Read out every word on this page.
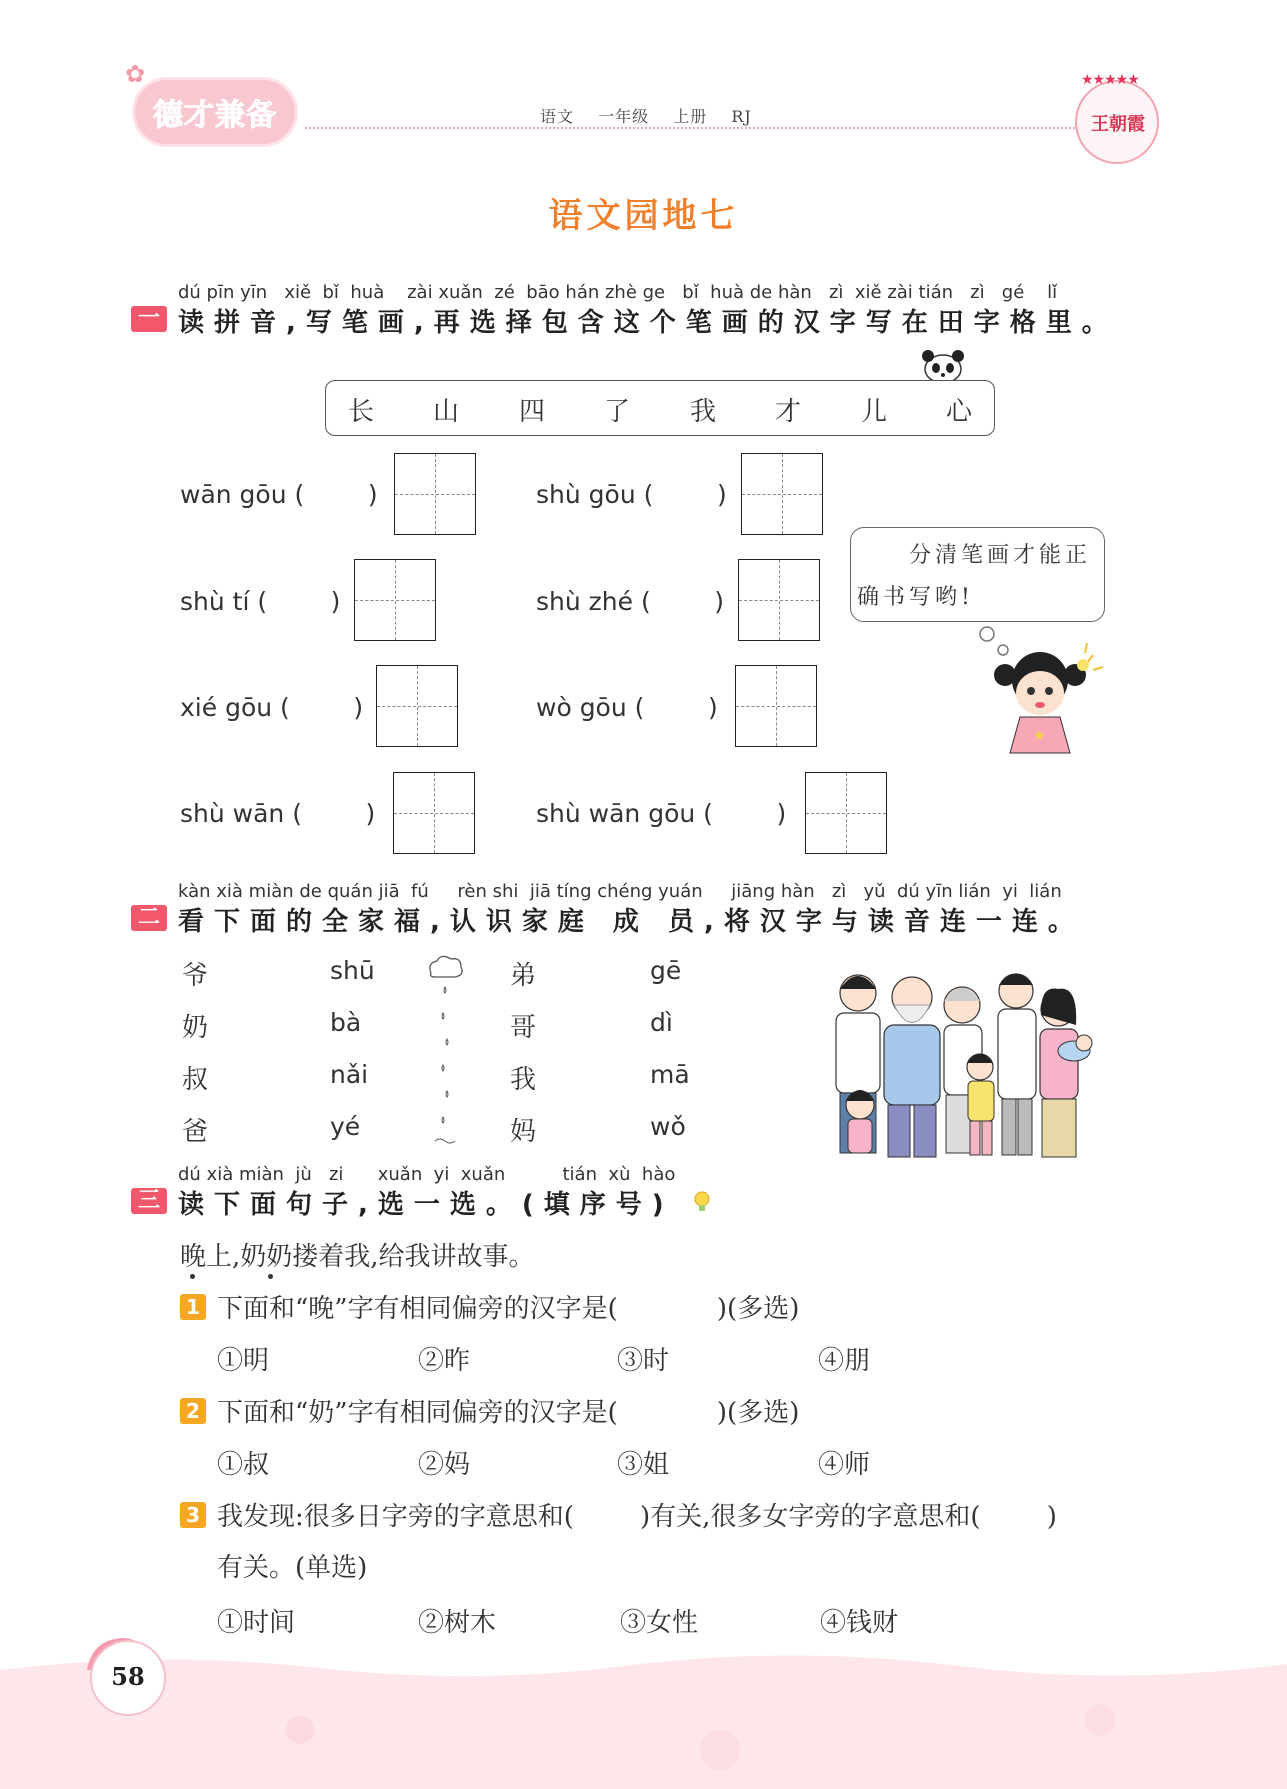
✿
德才兼备	语文 一年级 上册 RJ
★★★★★
王朝霞
语文园地七
dú pīn yīn   xiě  bǐ  huà    zài xuǎn  zé  bāo hán zhè ge   bǐ  huà de hàn   zì  xiě zài tián   zì   gé    lǐ
一 读拼音,写笔画,再选择包含这个笔画的汉字写在田字格里。
长 山 四 了 我 才 儿 心
wān gōu (        )	shù gōu (        )
shù tí (        )	shù zhé (        )
xié gōu (        )	wò gōu (        )
shù wān (        )	shù wān gōu (        )
分清笔画才能正
确书写哟!
★
kàn xià miàn de quán jiā  fú     rèn shi  jiā tíng chéng yuán     jiāng hàn   zì   yǔ  dú yīn lián  yi  lián
二 看下面的全家福,认识家庭 成 员,将汉字与读音连一连。
爷
奶
叔
爸
shū
bà
nǎi
yé
弟
哥
我
妈
gē
dì
mā
wǒ
dú xià miàn  jù   zi      xuǎn  yi  xuǎn          tián  xù  hào
三 读下面句子,选一选。(填序号)
晚上,奶奶搂着我,给我讲故事。
1 下面和“晚”字有相同偏旁的汉字是(            )(多选)
①明	②昨	③时	④朋
2 下面和“奶”字有相同偏旁的汉字是(            )(多选)
①叔	②妈	③姐	④师
3 我发现:很多日字旁的字意思和(        )有关,很多女字旁的字意思和(        )
有关。(单选)
①时间	②树木	③女性	④钱财
58
